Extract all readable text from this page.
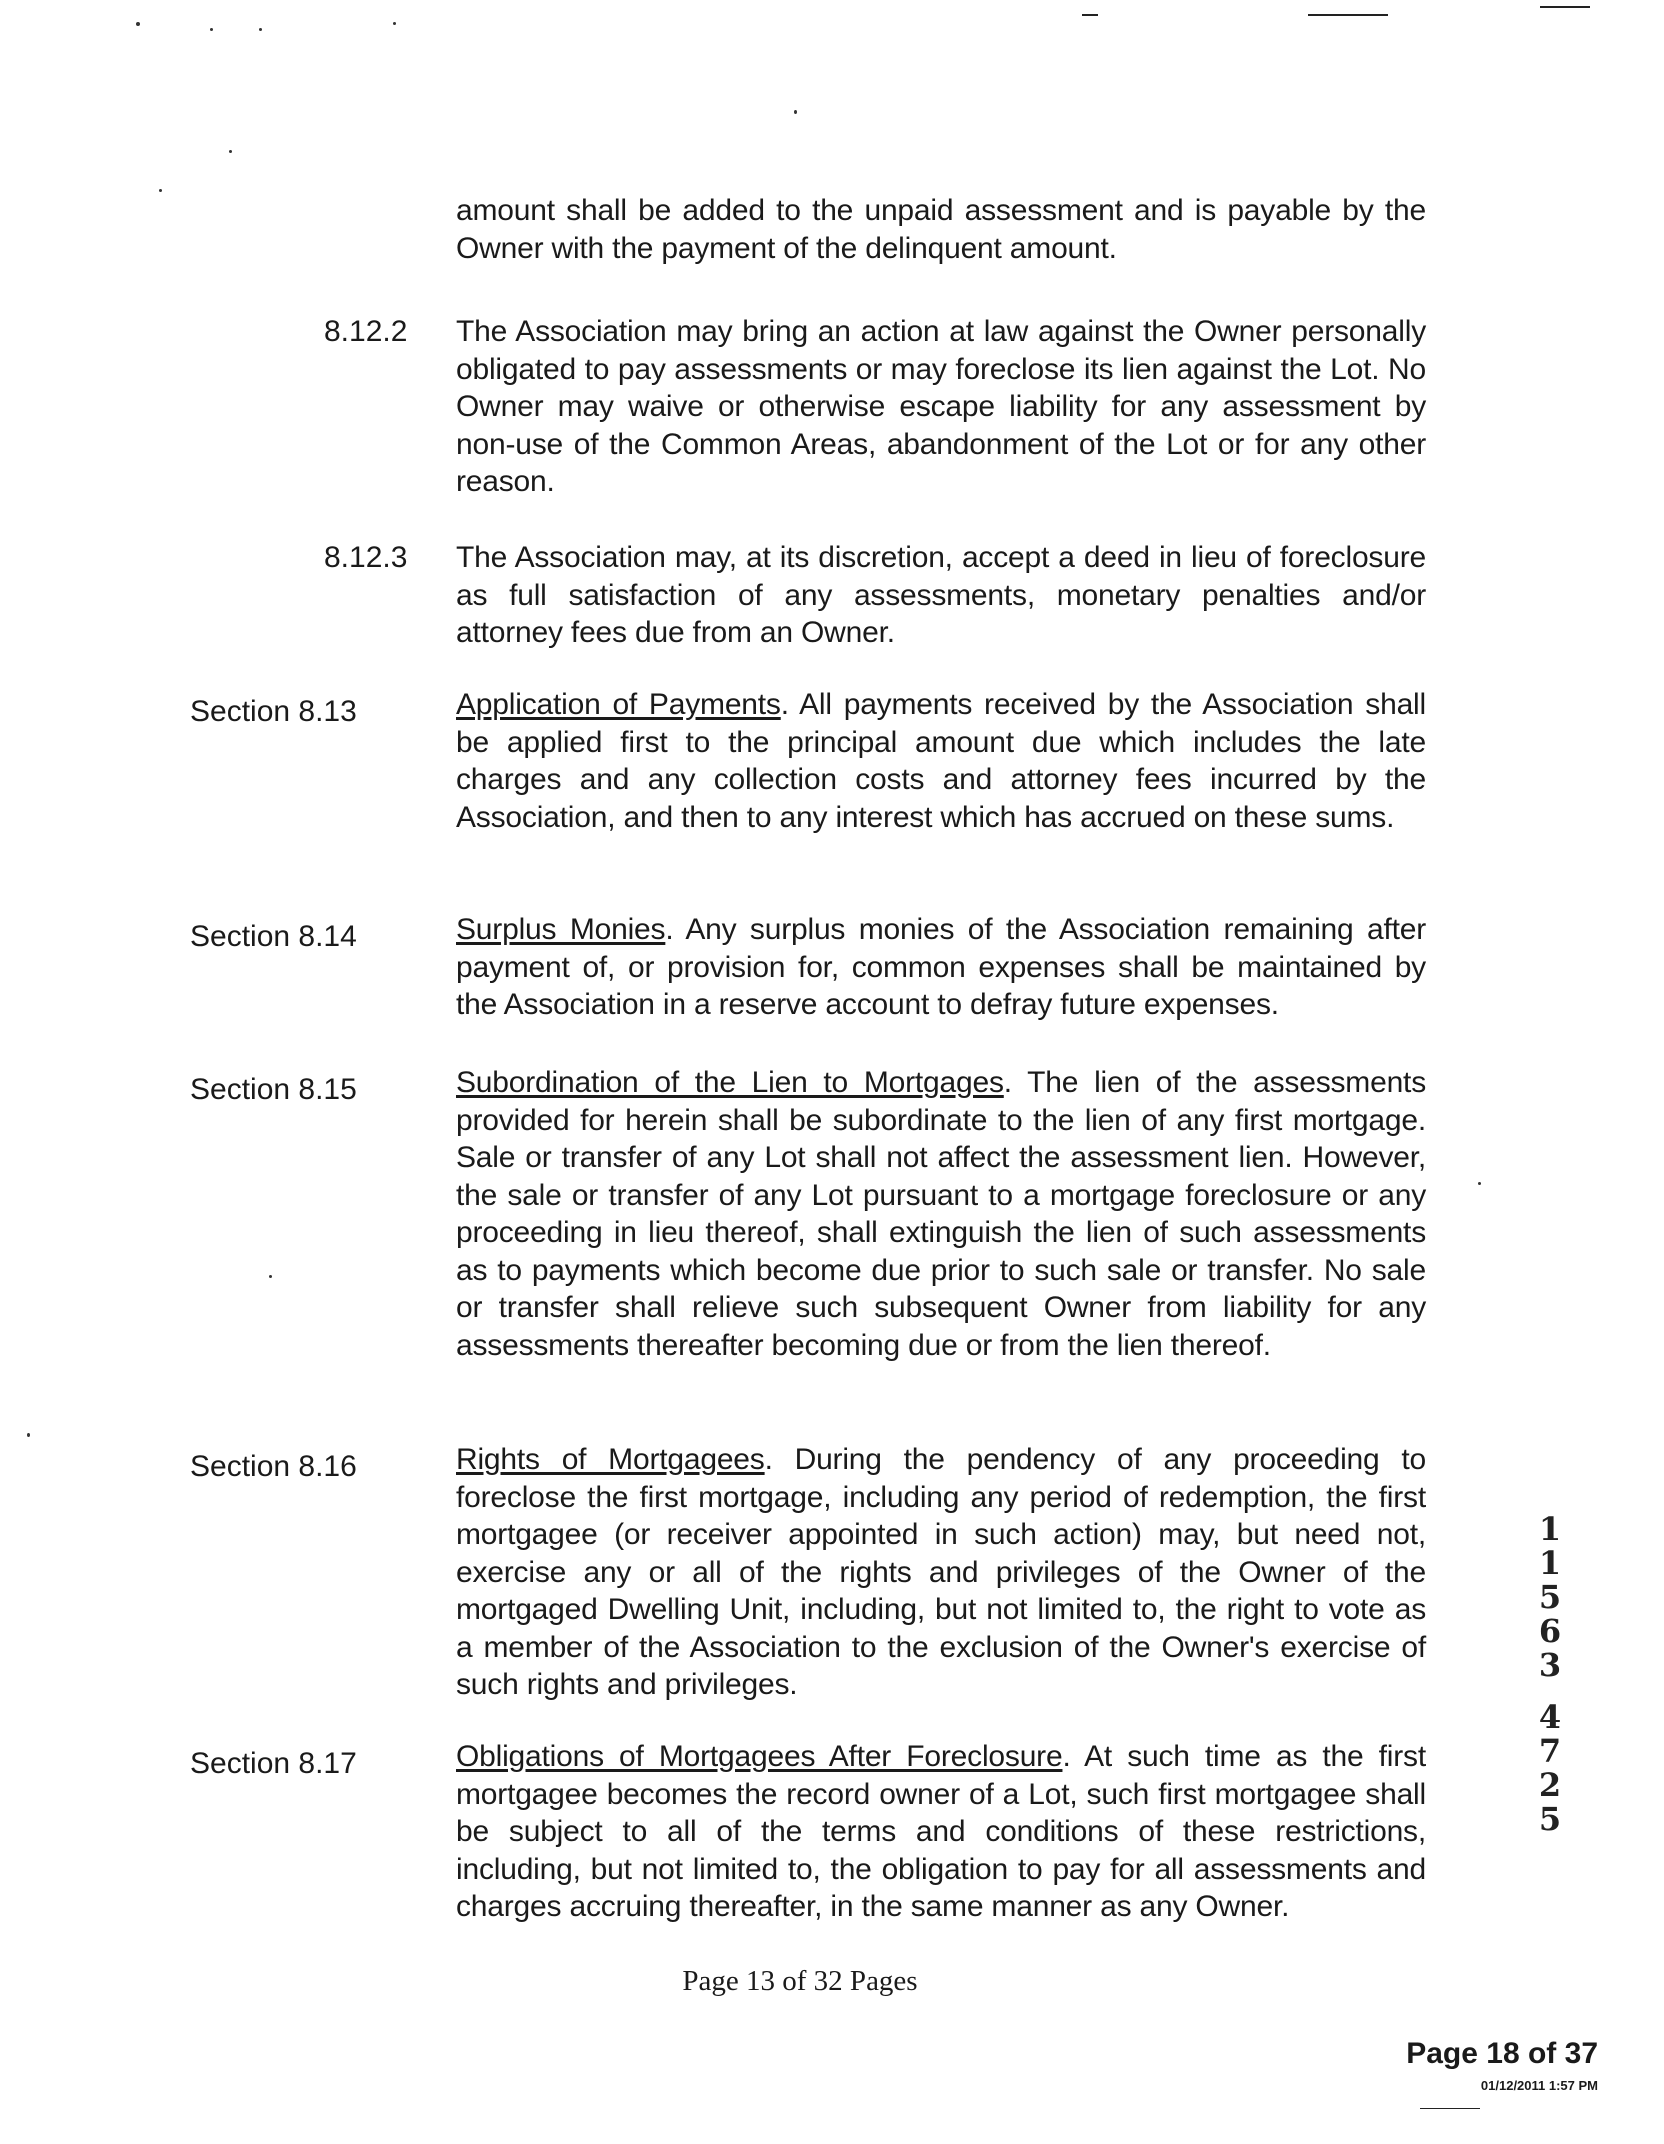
amount shall be added to the unpaid assessment and is payable by the Owner with the payment of the delinquent amount.
8.12.2 The Association may bring an action at law against the Owner personally obligated to pay assessments or may foreclose its lien against the Lot. No Owner may waive or otherwise escape liability for any assessment by non-use of the Common Areas, abandonment of the Lot or for any other reason.
8.12.3 The Association may, at its discretion, accept a deed in lieu of foreclosure as full satisfaction of any assessments, monetary penalties and/or attorney fees due from an Owner.
Section 8.13	Application of Payments. All payments received by the Association shall be applied first to the principal amount due which includes the late charges and any collection costs and attorney fees incurred by the Association, and then to any interest which has accrued on these sums.
Section 8.14	Surplus Monies. Any surplus monies of the Association remaining after payment of, or provision for, common expenses shall be maintained by the Association in a reserve account to defray future expenses.
Section 8.15	Subordination of the Lien to Mortgages. The lien of the assessments provided for herein shall be subordinate to the lien of any first mortgage. Sale or transfer of any Lot shall not affect the assessment lien. However, the sale or transfer of any Lot pursuant to a mortgage foreclosure or any proceeding in lieu thereof, shall extinguish the lien of such assessments as to payments which become due prior to such sale or transfer. No sale or transfer shall relieve such subsequent Owner from liability for any assessments thereafter becoming due or from the lien thereof.
Section 8.16	Rights of Mortgagees. During the pendency of any proceeding to foreclose the first mortgage, including any period of redemption, the first mortgagee (or receiver appointed in such action) may, but need not, exercise any or all of the rights and privileges of the Owner of the mortgaged Dwelling Unit, including, but not limited to, the right to vote as a member of the Association to the exclusion of the Owner's exercise of such rights and privileges.
Section 8.17	Obligations of Mortgagees After Foreclosure. At such time as the first mortgagee becomes the record owner of a Lot, such first mortgagee shall be subject to all of the terms and conditions of these restrictions, including, but not limited to, the obligation to pay for all assessments and charges accruing thereafter, in the same manner as any Owner.
Page 13 of 32 Pages
Page 18 of 37
01/12/2011 1:57 PM
1
1
5
6
3
4
7
2
5
